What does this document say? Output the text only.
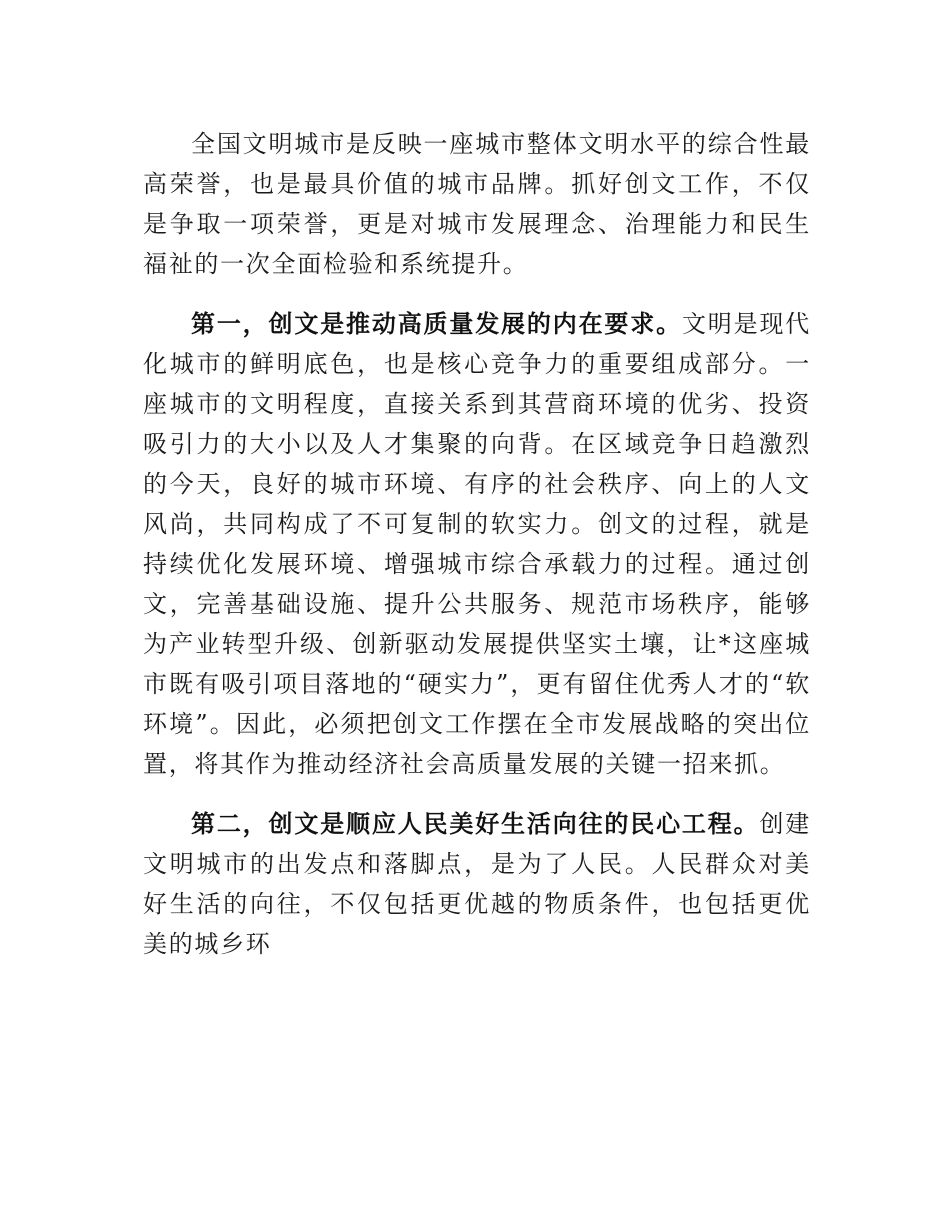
全国文明城市是反映一座城市整体文明水平的综合性最高荣誉，也是最具价值的城市品牌。抓好创文工作，不仅是争取一项荣誉，更是对城市发展理念、治理能力和民生福祉的一次全面检验和系统提升。

第一，创文是推动高质量发展的内在要求。文明是现代化城市的鲜明底色，也是核心竞争力的重要组成部分。一座城市的文明程度，直接关系到其营商环境的优劣、投资吸引力的大小以及人才集聚的向背。在区域竞争日趋激烈的今天，良好的城市环境、有序的社会秩序、向上的人文风尚，共同构成了不可复制的软实力。创文的过程，就是持续优化发展环境、增强城市综合承载力的过程。通过创文，完善基础设施、提升公共服务、规范市场秩序，能够为产业转型升级、创新驱动发展提供坚实土壤，让*这座城市既有吸引项目落地的“硬实力”，更有留住优秀人才的“软环境”。因此，必须把创文工作摆在全市发展战略的突出位置，将其作为推动经济社会高质量发展的关键一招来抓。

第二，创文是顺应人民美好生活向往的民心工程。创建文明城市的出发点和落脚点，是为了人民。人民群众对美好生活的向往，不仅包括更优越的物质条件，也包括更优美的城乡环
